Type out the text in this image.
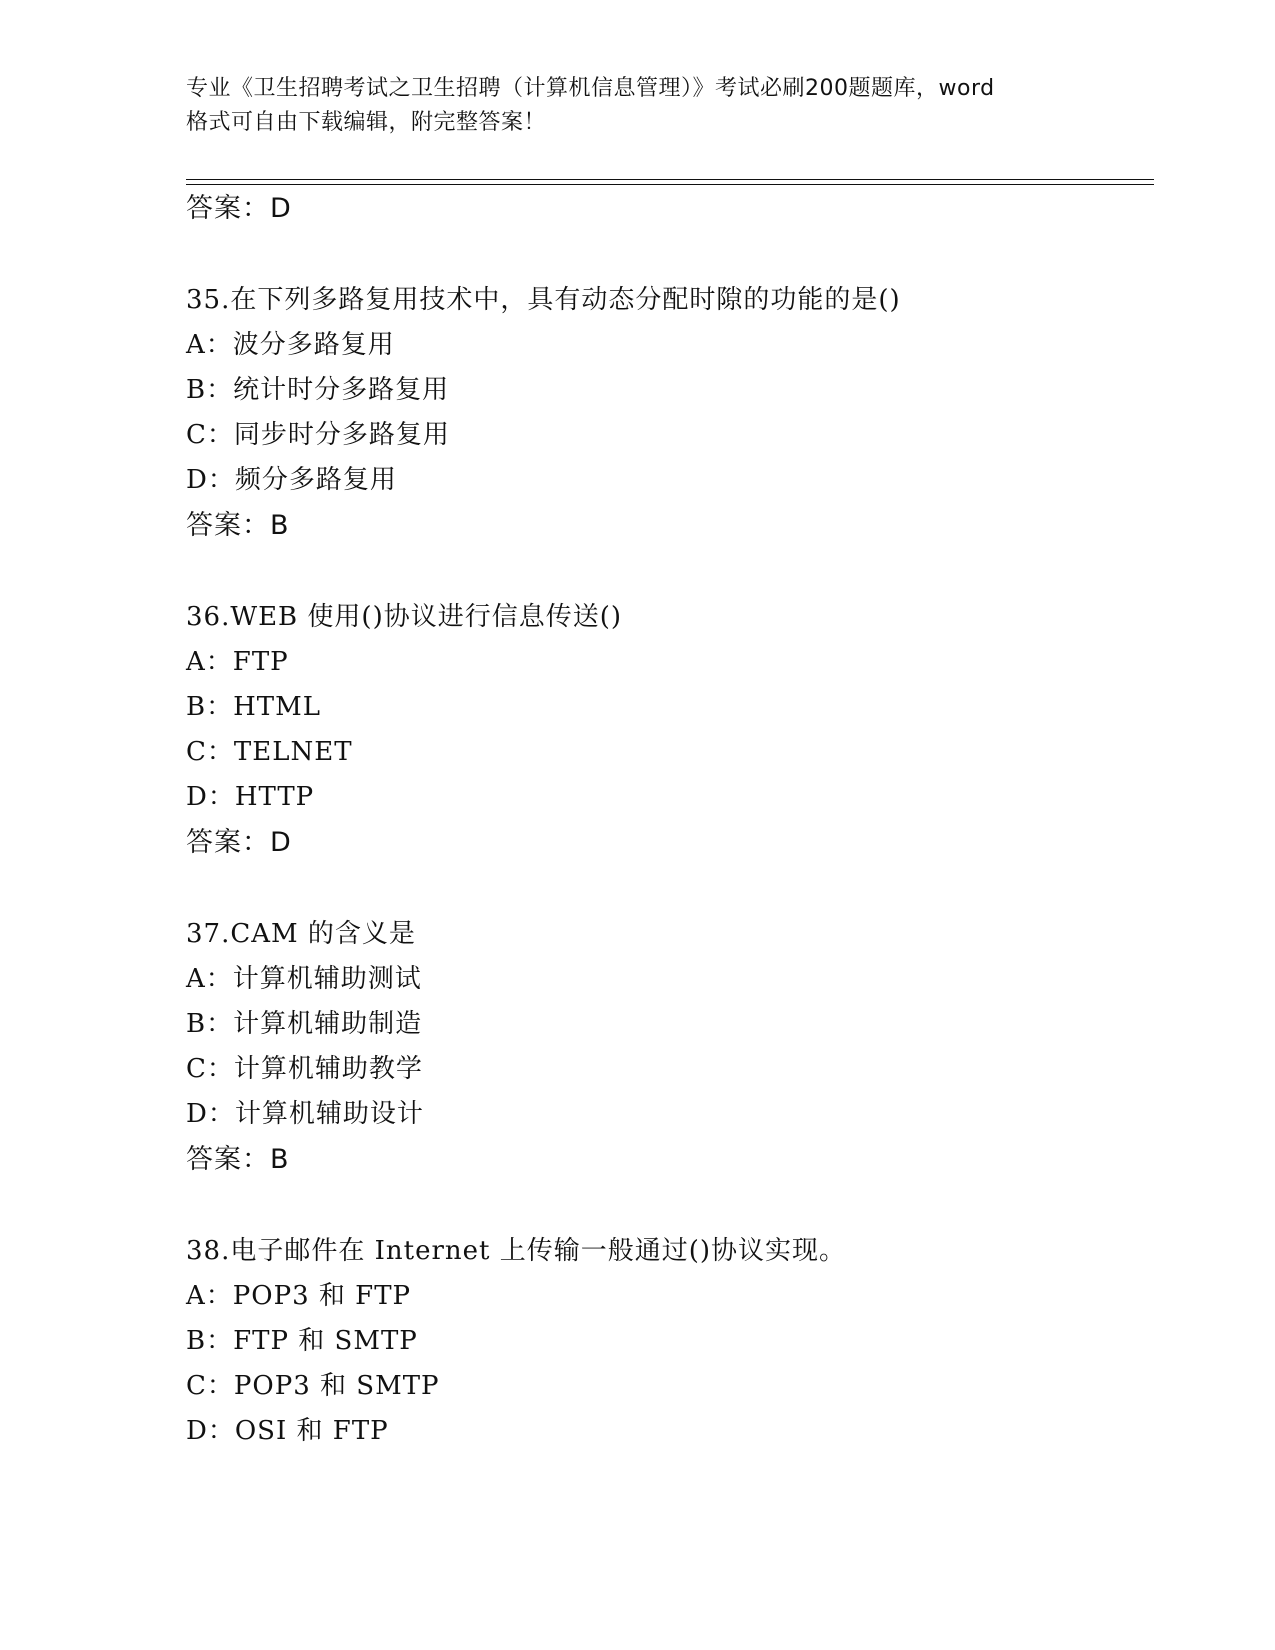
专业《卫生招聘考试之卫生招聘（计算机信息管理）》考试必刷200题题库，word
格式可自由下载编辑，附完整答案！
答案：D
35.在下列多路复用技术中，具有动态分配时隙的功能的是()
A：波分多路复用
B：统计时分多路复用
C：同步时分多路复用
D：频分多路复用
答案：B
36.WEB 使用()协议进行信息传送()
A：FTP
B：HTML
C：TELNET
D：HTTP
答案：D
37.CAM 的含义是
A：计算机辅助测试
B：计算机辅助制造
C：计算机辅助教学
D：计算机辅助设计
答案：B
38.电子邮件在 Internet 上传输一般通过()协议实现。
A：POP3 和 FTP
B：FTP 和 SMTP
C：POP3 和 SMTP
D：OSI 和 FTP
